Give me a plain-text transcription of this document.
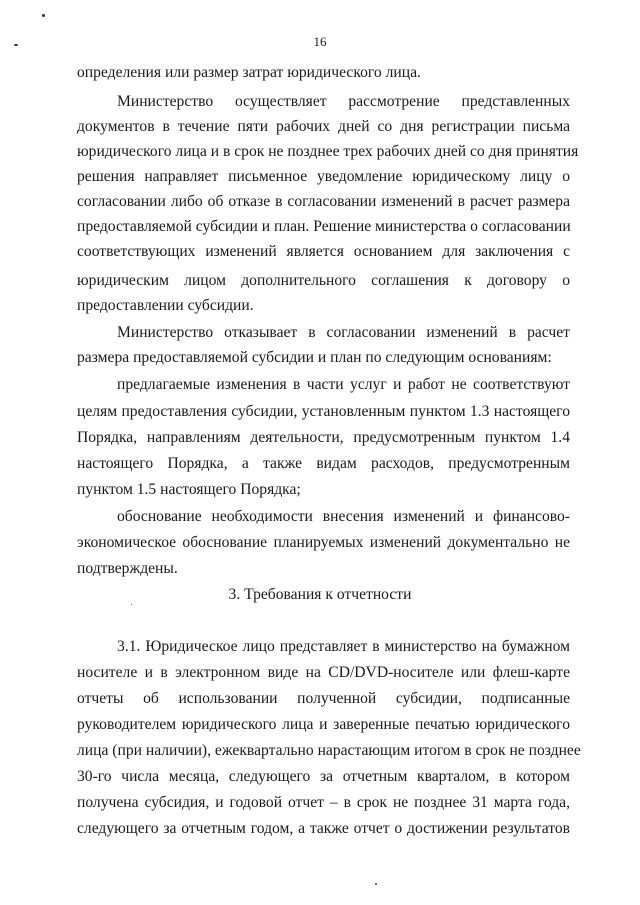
16
определения или размер затрат юридического лица.
Министерство осуществляет рассмотрение представленных
документов в течение пяти рабочих дней со дня регистрации письма
юридического лица и в срок не позднее трех рабочих дней со дня принятия
решения направляет письменное уведомление юридическому лицу о
согласовании либо об отказе в согласовании изменений в расчет размера
предоставляемой субсидии и план. Решение министерства о согласовании
соответствующих изменений является основанием для заключения с
юридическим лицом дополнительного соглашения к договору о
предоставлении субсидии.
Министерство отказывает в согласовании изменений в расчет
размера предоставляемой субсидии и план по следующим основаниям:
предлагаемые изменения в части услуг и работ не соответствуют
целям предоставления субсидии, установленным пунктом 1.3 настоящего
Порядка, направлениям деятельности, предусмотренным пунктом 1.4
настоящего Порядка, а также видам расходов, предусмотренным
пунктом 1.5 настоящего Порядка;
обоснование необходимости внесения изменений и финансово-
экономическое обоснование планируемых изменений документально не
подтверждены.
3. Требования к отчетности
3.1. Юридическое лицо представляет в министерство на бумажном
носителе и в электронном виде на CD/DVD-носителе или флеш-карте
отчеты об использовании полученной субсидии, подписанные
руководителем юридического лица и заверенные печатью юридического
лица (при наличии), ежеквартально нарастающим итогом в срок не позднее
30-го числа месяца, следующего за отчетным кварталом, в котором
получена субсидия, и годовой отчет – в срок не позднее 31 марта года,
следующего за отчетным годом, а также отчет о достижении результатов
